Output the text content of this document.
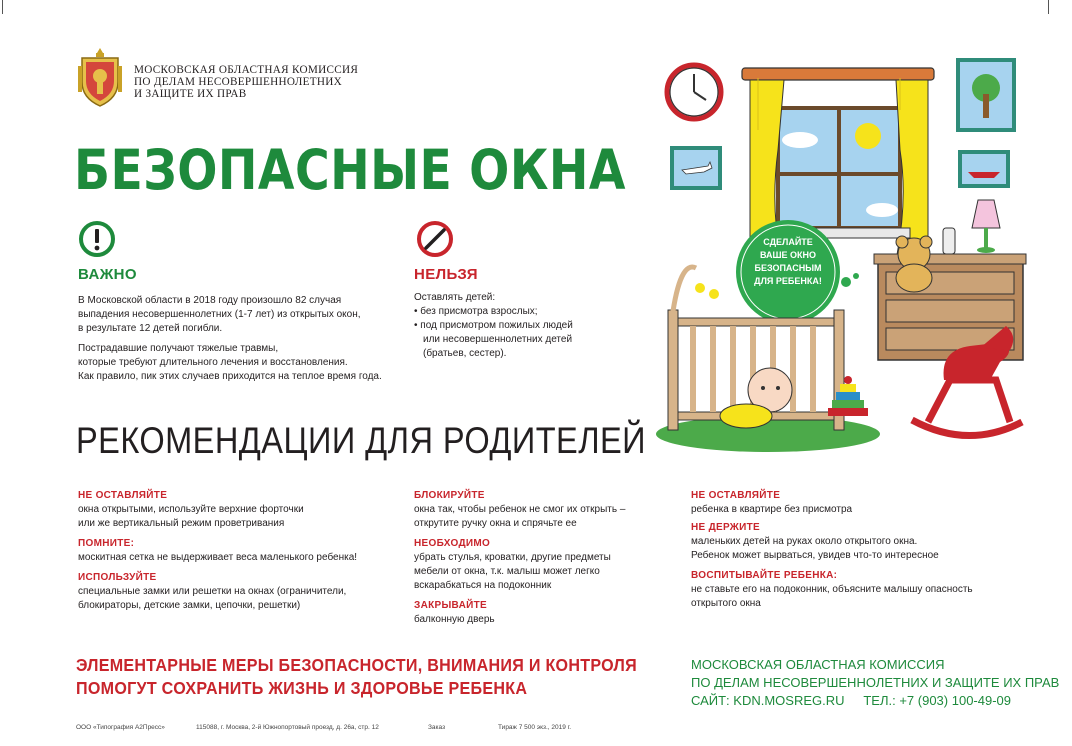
МОСКОВСКАЯ ОБЛАСТНАЯ КОМИССИЯ
ПО ДЕЛАМ НЕСОВЕРШЕННОЛЕТНИХ
И ЗАЩИТЕ ИХ ПРАВ
БЕЗОПАСНЫЕ ОКНА
ВАЖНО

В Московской области в 2018 году произошло 82 случая
выпадения несовершеннолетних (1-7 лет) из открытых окон,
в результате 12 детей погибли.

Пострадавшие получают тяжелые травмы,
которые требуют длительного лечения и восстановления.
Как правило, пик этих случаев приходится на теплое время года.

НЕЛЬЗЯ
Оставлять детей:
• без присмотра взрослых;
• под присмотром пожилых людей
или несовершеннолетних детей
(братьев, сестер).
РЕКОМЕНДАЦИИ ДЛЯ РОДИТЕЛЕЙ
НЕ ОСТАВЛЯЙТЕ
окна открытыми, используйте верхние форточки
или же вертикальный режим проветривания
ПОМНИТЕ:
москитная сетка не выдерживает веса маленького ребенка!
ИСПОЛЬЗУЙТЕ
специальные замки или решетки на окнах (ограничители,
блокираторы, детские замки, цепочки, решетки)
БЛОКИРУЙТЕ
окна так, чтобы ребенок не смог их открыть –
открутите ручку окна и спрячьте ее
НЕОБХОДИМО
убрать стулья, кроватки, другие предметы
мебели от окна, т.к. малыш может легко
вскарабкаться на подоконник
ЗАКРЫВАЙТЕ
балконную дверь
НЕ ОСТАВЛЯЙТЕ
ребенка в квартире без присмотра
НЕ ДЕРЖИТЕ
маленьких детей на руках около открытого окна.
Ребенок может вырваться, увидев что-то интересное
ВОСПИТЫВАЙТЕ РЕБЕНКА:
не ставьте его на подоконник, объясните малышу опасность
открытого окна
ЭЛЕМЕНТАРНЫЕ МЕРЫ БЕЗОПАСНОСТИ, ВНИМАНИЯ И КОНТРОЛЯ
ПОМОГУТ СОХРАНИТЬ ЖИЗНЬ И ЗДОРОВЬЕ РЕБЕНКА
МОСКОВСКАЯ ОБЛАСТНАЯ КОМИССИЯ
ПО ДЕЛАМ НЕСОВЕРШЕННОЛЕТНИХ И ЗАЩИТЕ ИХ ПРАВ
САЙТ: KDN.MOSREG.RU ТЕЛ.: +7 (903) 100-49-09
ООО «Типография А2Пресс»	115088, г. Москва, 2-й Южнопортовый проезд, д. 26а, стр. 12	Заказ	Тираж 7 500 экз., 2019 г.
СДЕЛАЙТЕ
ВАШЕ ОКНО
БЕЗОПАСНЫМ
ДЛЯ РЕБЕНКА!
